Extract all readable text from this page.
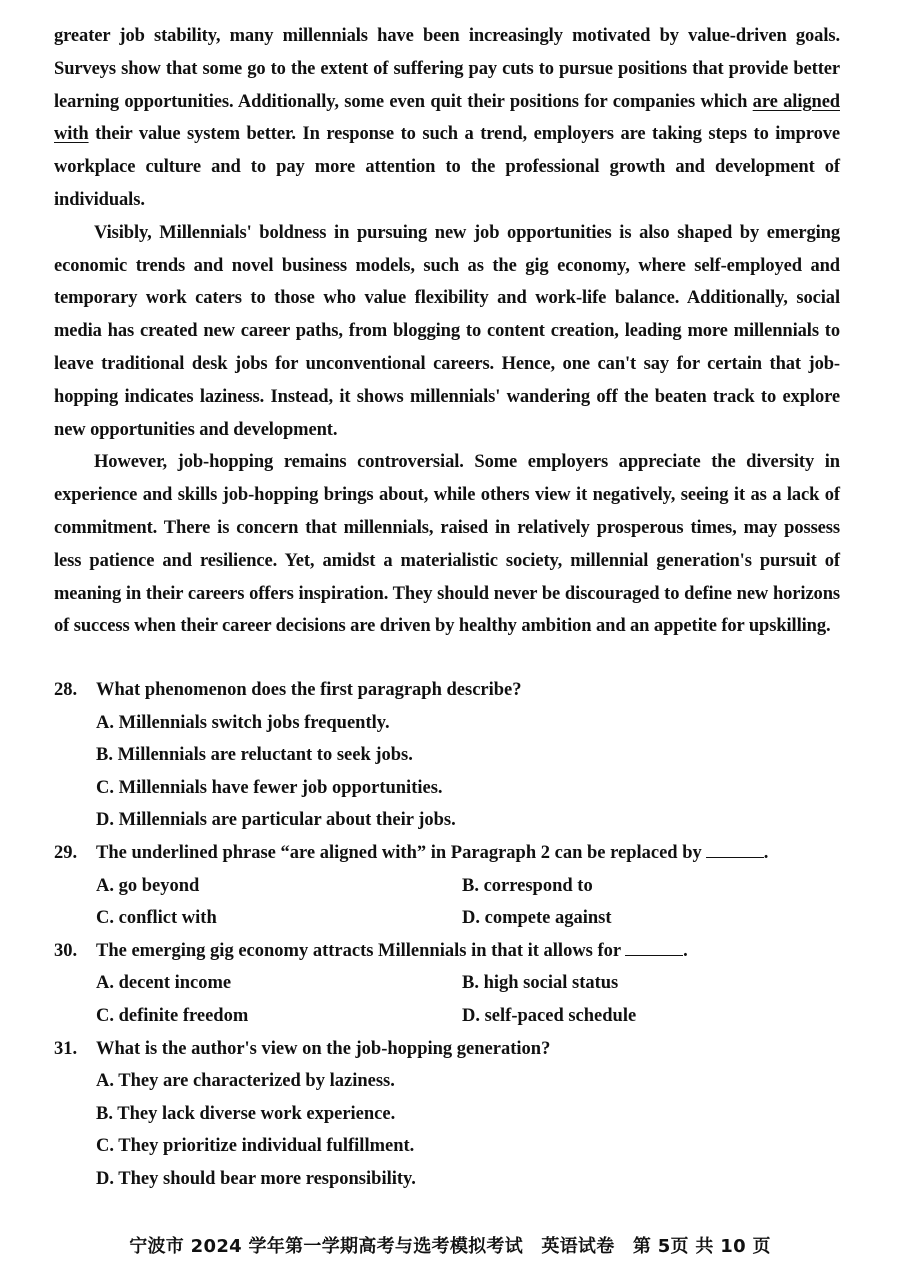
greater job stability, many millennials have been increasingly motivated by value-driven goals. Surveys show that some go to the extent of suffering pay cuts to pursue positions that provide better learning opportunities. Additionally, some even quit their positions for companies which are aligned with their value system better. In response to such a trend, employers are taking steps to improve workplace culture and to pay more attention to the professional growth and development of individuals.

Visibly, Millennials' boldness in pursuing new job opportunities is also shaped by emerging economic trends and novel business models, such as the gig economy, where self-employed and temporary work caters to those who value flexibility and work-life balance. Additionally, social media has created new career paths, from blogging to content creation, leading more millennials to leave traditional desk jobs for unconventional careers. Hence, one can't say for certain that job-hopping indicates laziness. Instead, it shows millennials' wandering off the beaten track to explore new opportunities and development.

However, job-hopping remains controversial. Some employers appreciate the diversity in experience and skills job-hopping brings about, while others view it negatively, seeing it as a lack of commitment. There is concern that millennials, raised in relatively prosperous times, may possess less patience and resilience. Yet, amidst a materialistic society, millennial generation's pursuit of meaning in their careers offers inspiration. They should never be discouraged to define new horizons of success when their career decisions are driven by healthy ambition and an appetite for upskilling.

28.	What phenomenon does the first paragraph describe?
A. Millennials switch jobs frequently.
B. Millennials are reluctant to seek jobs.
C. Millennials have fewer job opportunities.
D. Millennials are particular about their jobs.
29.	The underlined phrase “are aligned with” in Paragraph 2 can be replaced by	.
A. go beyond	B. correspond to
C. conflict with	D. compete against
30.	The emerging gig economy attracts Millennials in that it allows for	.
A. decent income	B. high social status
C. definite freedom	D. self-paced schedule
31.	What is the author's view on the job-hopping generation?
A. They are characterized by laziness.
B. They lack diverse work experience.
C. They prioritize individual fulfillment.
D. They should bear more responsibility.
宁波市 2024 学年第一学期高考与选考模拟考试　英语试卷　第 5页 共 10 页
